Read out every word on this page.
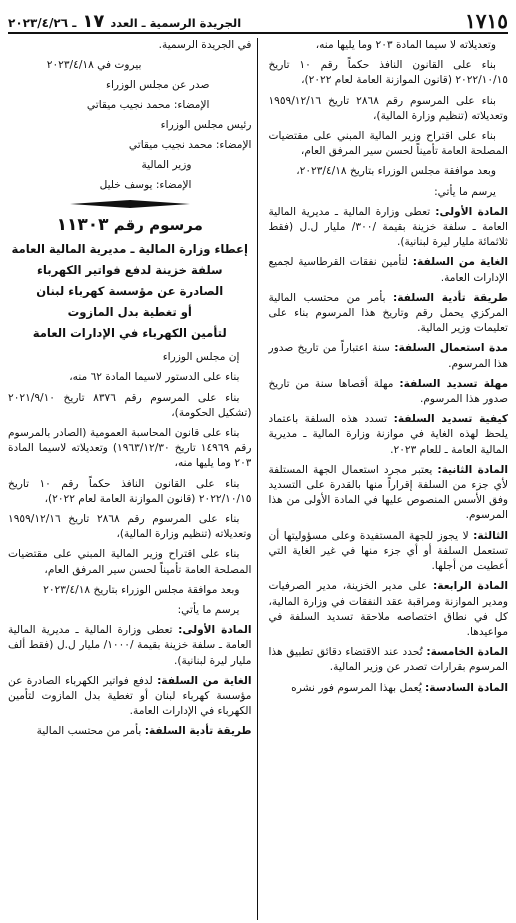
١٧١٥
الجريدة الرسمية ـ العدد ١٧ ـ ٢٠٢٣/٤/٢٦

وتعديلاته لا سيما المادة ٢٠٣ وما يليها منه،

بناء على القانون النافذ حكماً رقم ١٠ تاريخ ٢٠٢٢/١٠/١٥ (قانون الموازنة العامة لعام ٢٠٢٢)،

بناء على المرسوم رقم ٢٨٦٨ تاريخ ١٩٥٩/١٢/١٦ وتعديلاته (تنظيم وزارة المالية)،

بناء على اقتراح وزير المالية المبني على مقتضيات المصلحة العامة تأميناً لحسن سير المرفق العام،

وبعد موافقة مجلس الوزراء بتاريخ ٢٠٢٣/٤/١٨،

يرسم ما يأتي:

المادة الأولى: تعطى وزارة المالية ـ مديرية المالية العامة ـ سلفة خزينة بقيمة /٣٠٠/ مليار ل.ل (فقط ثلاثمائة مليار ليرة لبنانية).

الغاية من السلفة: لتأمين نفقات القرطاسية لجميع الإدارات العامة.

طريقة تأدية السلفة: بأمر من محتسب المالية المركزي يحمل رقم وتاريخ هذا المرسوم بناء على تعليمات وزير المالية.

مدة استعمال السلفة: سنة اعتباراً من تاريخ صدور هذا المرسوم.

مهلة تسديد السلفة: مهلة أقصاها سنة من تاريخ صدور هذا المرسوم.

كيفية تسديد السلفة: تسدد هذه السلفة باعتماد يلحظ لهذه الغاية في موازنة وزارة المالية ـ مديرية المالية العامة ـ للعام ٢٠٢٣.

المادة الثانية: يعتبر مجرد استعمال الجهة المستلفة لأي جزء من السلفة إقراراً منها بالقدرة على التسديد وفق الأسس المنصوص عليها في المادة الأولى من هذا المرسوم.

الثالثة: لا يجوز للجهة المستفيدة وعلى مسؤوليتها أن تستعمل السلفة أو أي جزء منها في غير الغاية التي أعطيت من أجلها.

المادة الرابعة: على مدير الخزينة، مدير الصرفيات ومدير الموازنة ومراقبة عقد النفقات في وزارة المالية، كل في نطاق اختصاصه ملاحقة تسديد السلفة في مواعيدها.

المادة الخامسة: تُحدد عند الاقتضاء دقائق تطبيق هذا المرسوم بقرارات تصدر عن وزير المالية.

المادة السادسة: يُعمل بهذا المرسوم فور نشره

في الجريدة الرسمية.

بيروت في ٢٠٢٣/٤/١٨
صدر عن مجلس الوزراء
الإمضاء: محمد نجيب ميقاتي
رئيس مجلس الوزراء
الإمضاء: محمد نجيب ميقاتي
وزير المالية
الإمضاء: يوسف خليل
مرسوم رقم ١١٣٠٣

إعطاء وزارة المالية ـ مديرية المالية العامة

سلفة خزينة لدفع فواتير الكهرباء

الصادرة عن مؤسسة كهرباء لبنان

أو تغطية بدل المازوت

لتأمين الكهرباء في الإدارات العامة

إن مجلس الوزراء

بناء على الدستور لاسيما المادة ٦٢ منه،

بناء على المرسوم رقم ٨٣٧٦ تاريخ ٢٠٢١/٩/١٠ (تشكيل الحكومة)،

بناء على قانون المحاسبة العمومية (الصادر بالمرسوم رقم ١٤٩٦٩ تاريخ ١٩٦٣/١٢/٣٠) وتعديلاته لاسيما المادة ٢٠٣ وما يليها منه،

بناء على القانون النافذ حكماً رقم ١٠ تاريخ ٢٠٢٢/١٠/١٥ (قانون الموازنة العامة لعام ٢٠٢٢)،

بناء على المرسوم رقم ٢٨٦٨ تاريخ ١٩٥٩/١٢/١٦ وتعديلاته (تنظيم وزارة المالية)،

بناء على اقتراح وزير المالية المبني على مقتضيات المصلحة العامة تأميناً لحسن سير المرفق العام،

وبعد موافقة مجلس الوزراء بتاريخ ٢٠٢٣/٤/١٨

يرسم ما يأتي:

المادة الأولى: تعطى وزارة المالية ـ مديرية المالية العامة ـ سلفة خزينة بقيمة /١٠٠٠/ مليار ل.ل (فقط ألف مليار ليرة لبنانية).

الغاية من السلفة: لدفع فواتير الكهرباء الصادرة عن مؤسسة كهرباء لبنان أو تغطية بدل المازوت لتأمين الكهرباء في الإدارات العامة.

طريقة تأدية السلفة: بأمر من محتسب المالية
